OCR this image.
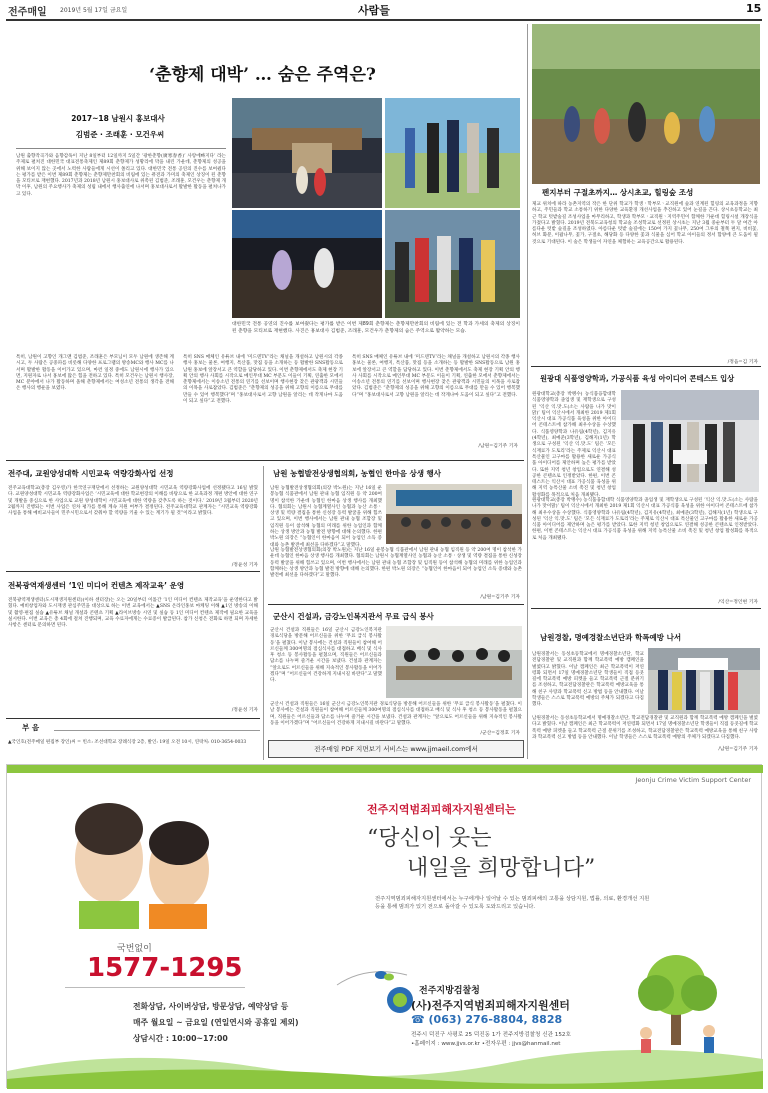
전주매일 2019년 5월 17일 금요일	사람들	15
‘춘향제 대박’ … 숨은 주역은?
2017~18 남원시 홍보대사
김범준 · 조래훈 · 모건우씨
남원 출향작곡가와 음향감독이 지난 8일부터 12일까지 5일간 ‘광한춘향(廣寒春香)’ 사랑에빠지다’ 라는 주제로 펼쳐진 대한민국 대표전통축제인 제89회 춘향제가 성황리에 막을 내린 가운데, 춘향제의 성공을 위해 보이지 않는 곳에서 노력한 사람들에게 시선이 쏠리고 있다. 대한민국 전통 공연의 진수를 보여줬다는 평가를 받은 이번 제89회 춘향제는 춘향제만찬회의 비림에 있는 퓨전과 가미의 축제인 상징이 된 춘향을 모티브로 재현했다. 2017년과 2018년 남원시 홍보대사로 위촉된 김범준, 조래훈, 모건우는 춘향제 개막 이후, 남원의 주요행사가 축제의 성립 내에서 행사출연에 나서며 홍보대사로서 활발한 활동을 펼쳐나가고 있다.
대한민국 전통 공연의 진수를 보여줬다는 평가를 받은 이번 제89회 춘향제는 춘향제만찬회의 비림에 있는 전 학과 가세의 축제의 상징이 된 춘향을 모티브로 재현했다. 사진은 홍보대사 김범준, 조래훈, 모건우가 춘향제의 숨은 주역으로 활약하는 모습.
특히, 남원이 고향인 개그맨 김범준, 조래훈은 부모님이 모두 남원에 생존해 계시고, 두 사람은 공중파를 비롯해 다양한 프로그램의 방송MC와 행사 MC를 나서며 활발한 활동을 이어가고 있으며, 마련 일정 중에도 남원시에 행사가 있으면, 지원자로 나서 홍보에 많은 힘을 전하고 있다. 특히 모건우는 남원시 행사장, MC 분야에서 나가 활동하며 올해 춘향제에서는 여성소년 전통의 생각을 전해 온 행사의 행운을 보였다.
특히 SNS 매체인 유튜브 내에 ‘미드덴TV’라는 채널을 개설하고 남원시의 각종 행사 홍보는 물론, 여행지, 특산품, 맛집 등을 소개하는 등 활발한 SNS활동으로 남원 홍보에 앞장서고 큰 역할을 담당하고 있다. 이번 춘향제에서도 축제 현장 기획 안의 행사 사회를 시작으로 메인무대 MC 부문도 이들이 기획, 연출한 모에서 춘향제에서는 이송소년 전통의 연기를 선보이며 행사현장 찾은 관광객과 시민들의 이목을 사로잡았다. 김범준은 “춘향제의 성공을 위해 고향의 이름으로 무대를 만들 수 있어 행복했다”며 “홍보대사로서 고향 남원을 알리는 데 작게나마 도움이 되고 싶다”고 전했다.
특히 SNS 매체인 유튜브 내에 ‘미드덴TV’라는 채널을 개설하고 남원시의 각종 행사 홍보는 물론, 여행지, 특산품, 맛집 등을 소개하는 등 활발한 SNS활동으로 남원 홍보에 앞장서고 큰 역할을 담당하고 있다. 이번 춘향제에서도 축제 현장 기획 안의 행사 사회를 시작으로 메인무대 MC 부문도 이들이 기획, 연출한 모에서 춘향제에서는 이송소년 전통의 연기를 선보이며 행사현장 찾은 관광객과 시민들의 이목을 사로잡았다. 김범준은 “춘향제의 성공을 위해 고향의 이름으로 무대를 만들 수 있어 행복했다”며 “홍보대사로서 고향 남원을 알리는 데 작게나마 도움이 되고 싶다”고 전했다.
/남원=김기주 기자
펜지부터 구절초까지… 상시초교, 힐링숲 조성
제교 위치에 따라 농촌지역의 작은 한 단위 학교가 학생ㆍ학부모ㆍ교직원에 숲과 연계된 힐링의 교육과정을 지향하고, 주민들과 학교 소통하기 위한 다양한 교육환경 개선사업을 추진하고 있어 눈길을 끈다. 상시초등학교는 최근 학교 텃밭숲길 조성사업을 마무리하고, 학생과 학부모ㆍ교직원ㆍ지역주민이 함께한 가운데 힐링시설 개장식을 가졌다고 밝혔다. 2019년 전북도교육청의 학교숲 조성학교로 선정된 상시초는 지난 3월 중순부터 두 달 여간 아름다운 텃밭 숲길을 조성하였다. 아름다운 텃밭 숲길에는 150여 가지 꽃나무, 250여 그루의 철쭉 편지, 비비꽃, 허브 화분, 이팝나무, 꽃가, 구절초, 해당화 등 다양한 꽃과 식물을 심어 학교 아이들의 정서 함양에 큰 도움이 될 것으로 기대된다. 이 숲은 학생들이 자연을 체험하는 교육공간으로 활용된다.
/정읍=김 기자
원광대 식품영양학과, 가공식품 육성 아이디어 콘테스트 입상
원광대학교(총장 박맹수) 농식품융합대학 식품영양학과 졸업생 및 재학생으로 구성된 ‘익산 익.맛.도(소는 사람을 나가 맛이맑)’ 팀이 익산시에서 개최한 2019 제1회 익산시 대표 가공식품 육성을 위한 아이디어 콘테스트에 참가해 최우수상을 수상했다. 식품영양학과 나유림(4학년), 김지유(4학년), 최예준(3학년), 김해지(1년) 학생으로 구성된 ‘익산 익.맛.도’ 팀은 ‘모든 식재료가 도토리’라는 주제로 익산시 대표 특산물인 고구마를 활용한 새로운 가공식품 아이디어를 제안하며 높은 평가를 받았다. 또한 지역 청년 창업으로도 연결해 성공한 콘텐츠로 인정받았다. 한편, 이번 콘테스트는 익산시 대표 가공식품 육성을 위해 지역 농특산물 소비 촉진 및 청년 창업 활성화를 목적으로 처음 개최됐다.
원광대학교(총장 박맹수) 농식품융합대학 식품영양학과 졸업생 및 재학생으로 구성된 ‘익산 익.맛.도(소는 사람을 나가 맛이맑)’ 팀이 익산시에서 개최한 2019 제1회 익산시 대표 가공식품 육성을 위한 아이디어 콘테스트에 참가해 최우수상을 수상했다. 식품영양학과 나유림(4학년), 김지유(4학년), 최예준(3학년), 김해지(1년) 학생으로 구성된 ‘익산 익.맛.도’ 팀은 ‘모든 식재료가 도토리’라는 주제로 익산시 대표 특산물인 고구마를 활용한 새로운 가공식품 아이디어를 제안하며 높은 평가를 받았다. 또한 지역 청년 창업으로도 연결해 성공한 콘텐츠로 인정받았다. 한편, 이번 콘테스트는 익산시 대표 가공식품 육성을 위해 지역 농특산물 소비 촉진 및 청년 창업 활성화를 목적으로 처음 개최됐다.
/익산=정인현 기자
남원경찰, 명예경찰소년단과 학폭예방 나서
남원경찰서는 동성초등학교에서 명예경찰소년단, 학교전담경찰관 및 교직원과 함께 학교폭력 예방 캠페인을 벌였다고 밝혔다. 이날 캠페인은 최근 학교폭력이 저연령화 되면서 17일 명예경찰소년단 학생들이 직접 등굣길에 학교폭력 예방 피켓을 들고 학교폭력 근절 분위기를 조성하고, 학교전담경찰관은 학교폭력 예방교육을 통해 친구 사랑과 학교폭력 신고 방법 등을 안내했다. 이날 학생들은 스스로 학교폭력 예방의 주체가 되겠다고 다짐했다.
남원경찰서는 동성초등학교에서 명예경찰소년단, 학교전담경찰관 및 교직원과 함께 학교폭력 예방 캠페인을 벌였다고 밝혔다. 이날 캠페인은 최근 학교폭력이 저연령화 되면서 17일 명예경찰소년단 학생들이 직접 등굣길에 학교폭력 예방 피켓을 들고 학교폭력 근절 분위기를 조성하고, 학교전담경찰관은 학교폭력 예방교육을 통해 친구 사랑과 학교폭력 신고 방법 등을 안내했다. 이날 학생들은 스스로 학교폭력 예방의 주체가 되겠다고 다짐했다.
/남원=김기주 기자
전주대, 교원양성대학 시민교육 역량강화사업 선정
전주교육대학교(총장 김우영)가 한국연구재단에서 선정하는 교원양성대학 시민교육 역량강화사업에 선정됐다고 16일 밝혔다. 교원양성대학 시민교육 역량강화사업은 ‘시민교육에 대한 학교현장의 이해를 바탕으로 한 교육과정 개편 방안에 대한 연구 및 개발을 중심으로 한 사업으로 교원 양성대학이 시민교육에 대한 역량을 갖추도록 하는 것이다.’ 2019년 3월부터 2020년 2월까지 진행되는 이번 사업은 연차 평가를 통해 계속 지원 여부가 결정된다. 전주교육대학교 관계자는 “시민교육 역량강화 사업을 통해 예비교사들이 민주시민으로서 갖춰야 할 역량을 키울 수 있는 계기가 될 것”이라고 밝혔다.
/정윤성 기자
전북광역재생센터 ‘1인 미디어 컨텐츠 제작교육’ 운영
전북광역재생센터(도시재생지원센터)(이하 센터장)는 오는 20일부터 이틀간 ‘1인 미디어 컨텐츠 제작교육’을 운영한다고 밝혔다. 예비창업자와 도시재생 관심주민을 대상으로 하는 이번 교육에서는 ▲SNS 온라인홍보 마케팅 이해 ▲1인 방송의 이해 및 촬영·편집 실습 ▲유튜브 채널 개설과 콘텐츠 기획 ▲라이브방송 시연 및 실습 등 1인 미디어 컨텐츠 제작에 필요한 교육을 실시한다. 이번 교육은 총 4회에 걸쳐 진행되며, 교육 수료자에게는 수료증이 발급된다. 참가 신청은 전화로 하면 되며 자세한 사항은 센터로 문의하면 된다.
/정윤성 기자
부 음
▲국인호(전주매일 편집부 장인)씨 = 빈소: 조선대학교 장례식장 2층, 발인: 19일 오전 10시, 연락처: 010-3654-0033
남원 농협발전상생협의회, 농협인 한마음 상생 행사
남원 농협발전상생협의회(의장 박노원)는 지난 16일 운봉농협 식품관에서 남원 관내 농협 임직원 등 약 200여 명이 참석한 가운데 농협인 한마음 상생 행사를 개최했다. 협의회는 남원시 농협계열사인 농협과 농산 소통ㆍ상생 및 역량 결집을 통한 신성장 동력 발굴을 위해 힘쓰고 있으며, 이번 행사에서는 남원 관내 농협 조합장 및 임직원 등이 참석해 농협의 미래를 위한 농업인과 함께하는 상생 방안과 농협 발전 방향에 대해 논의했다. 한편 박노원 의장은 “농협인이 한마음이 되어 농업인 소득 증대와 농촌 발전에 최선을 다하겠다”고 말했다.
남원 농협발전상생협의회(의장 박노원)는 지난 16일 운봉농협 식품관에서 남원 관내 농협 임직원 등 약 200여 명이 참석한 가운데 농협인 한마음 상생 행사를 개최했다. 협의회는 남원시 농협계열사인 농협과 농산 소통ㆍ상생 및 역량 결집을 통한 신성장 동력 발굴을 위해 힘쓰고 있으며, 이번 행사에서는 남원 관내 농협 조합장 및 임직원 등이 참석해 농협의 미래를 위한 농업인과 함께하는 상생 방안과 농협 발전 방향에 대해 논의했다. 한편 박노원 의장은 “농협인이 한마음이 되어 농업인 소득 증대와 농촌 발전에 최선을 다하겠다”고 말했다.
/남원=김기주 기자
군산시 건설과, 금강노인복지관서 무료 급식 봉사
군산시 건설과 직원들은 16일 군산시 금강노인복지관 경로식당을 방문해 어르신들을 위한 ‘무료 급식 봉사활동’을 펼쳤다. 이날 봉사에는 건설과 직원들이 참여해 어르신들께 300여명의 점심식사를 대접하고 배식 및 식사 후 청소 등 봉사활동을 펼쳤으며, 직원들은 어르신들과 담소를 나누며 즐거운 시간을 보냈다. 건설과 관계자는 “앞으로도 어르신들을 위해 지속적인 봉사활동을 이어가겠다”며 “어르신들이 건강하게 지내시길 바란다”고 말했다.
군산시 건설과 직원들은 16일 군산시 금강노인복지관 경로식당을 방문해 어르신들을 위한 ‘무료 급식 봉사활동’을 펼쳤다. 이날 봉사에는 건설과 직원들이 참여해 어르신들께 300여명의 점심식사를 대접하고 배식 및 식사 후 청소 등 봉사활동을 펼쳤으며, 직원들은 어르신들과 담소를 나누며 즐거운 시간을 보냈다. 건설과 관계자는 “앞으로도 어르신들을 위해 지속적인 봉사활동을 이어가겠다”며 “어르신들이 건강하게 지내시길 바란다”고 말했다.
/군산=김정호 기자
전주매일 PDF 지면보기 서비스는 www.jjmaeil.com에서
Jeonju Crime Victim Support Center
전주지역범죄피해자지원센터는
“당신이 웃는
내일을 희망합니다”
전주지역범죄피해자지원센터에서는 누구에게나 일어날 수 있는 범죄피해의 고통을 상담지원, 법률, 의료, 환경개선 지원 등을 통해 범죄가 있기 전으로 돌아갈 수 있도록 도와드리고 있습니다.
국번없이
1577-1295
전화상담, 사이버상담, 방문상담, 예약상담 등
매주 월요일 ~ 금요일 (연일연시와 공휴일 제외)
상담시간 : 10:00~17:00
전주지방검찰청
(사)전주지역범죄피해자지원센터
☎ (063) 276-8804, 8828
전주시 덕진구 사평로 25 덕진동 1가 전주지방검찰청 신관 152호
•홈페이지 : www.jjvs.or.kr •전자우편 : jjvs@hanmail.net
